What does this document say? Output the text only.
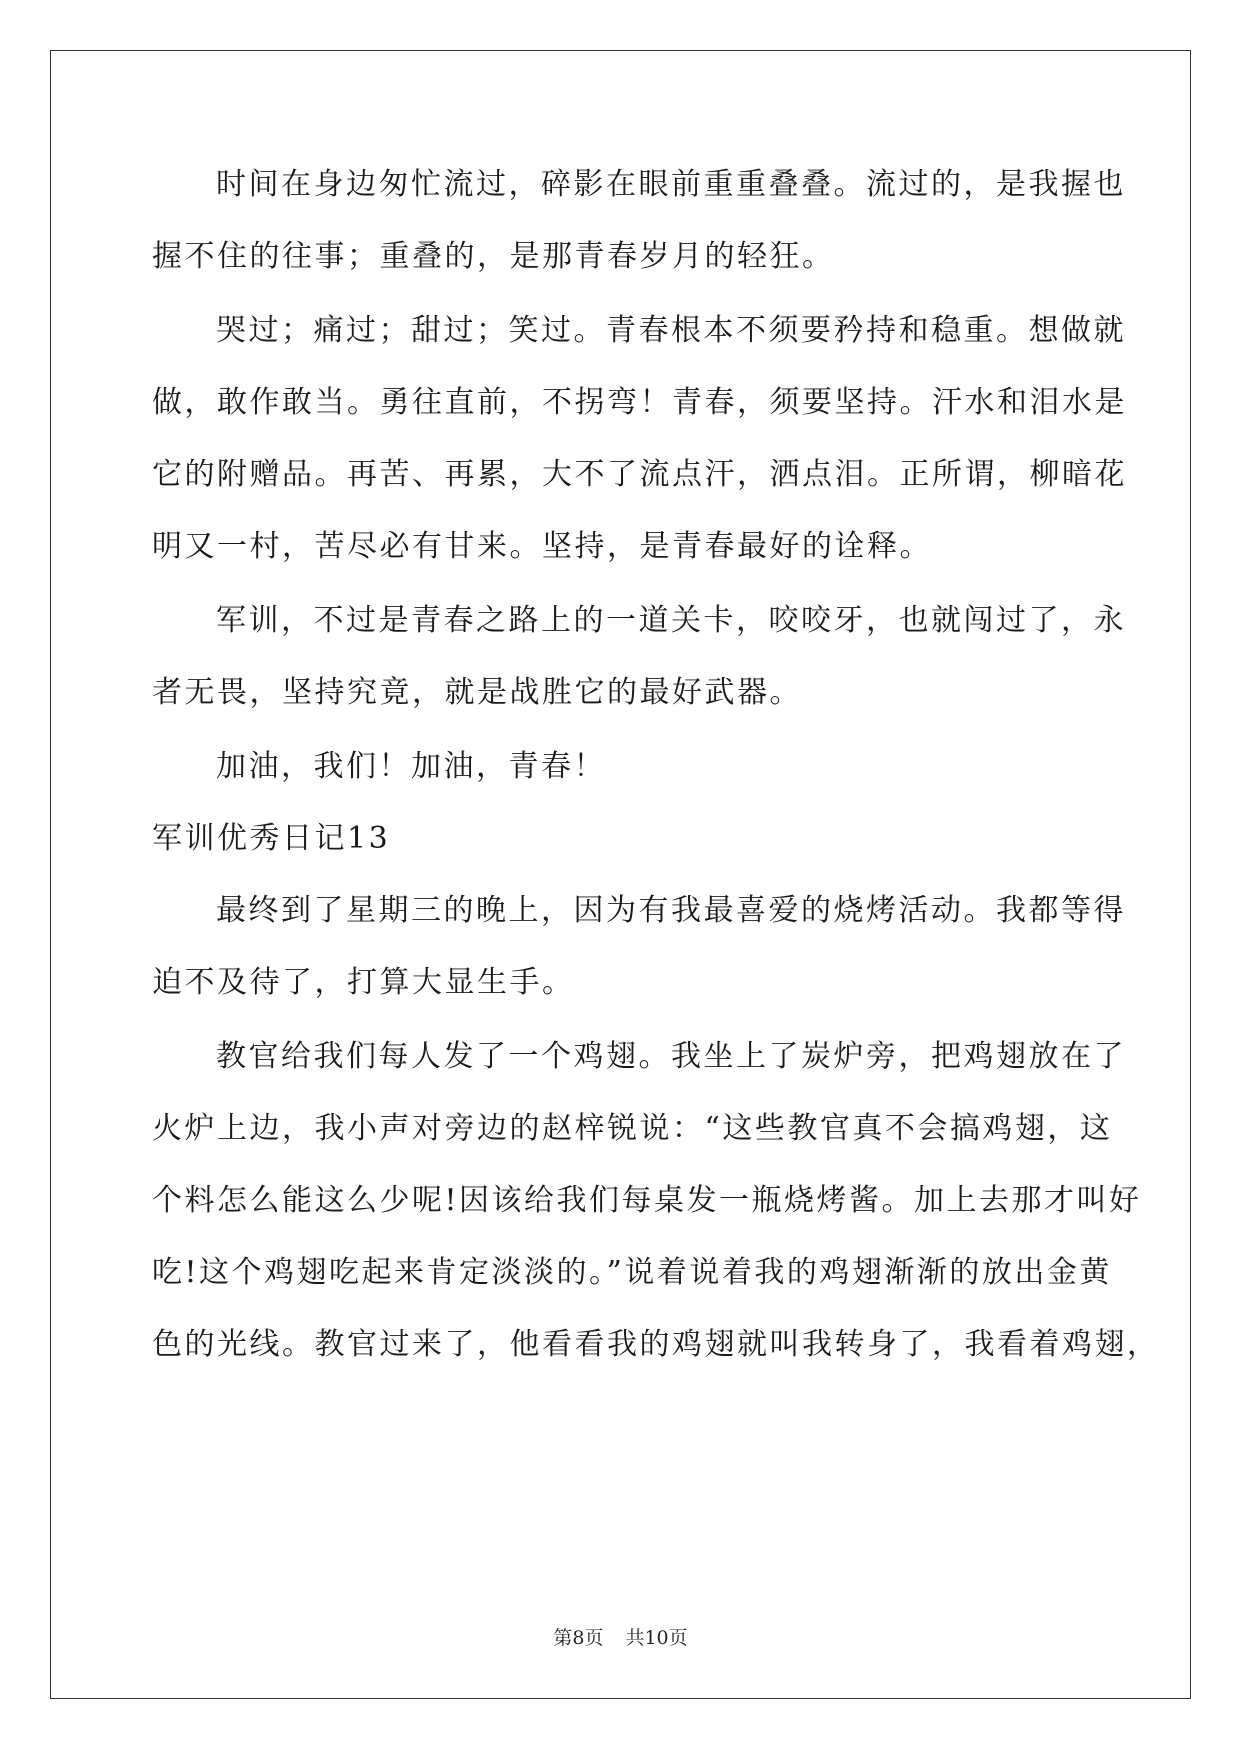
时间在身边匆忙流过，碎影在眼前重重叠叠。流过的，是我握也
握不住的往事；重叠的，是那青春岁月的轻狂。
哭过；痛过；甜过；笑过。青春根本不须要矜持和稳重。想做就
做，敢作敢当。勇往直前，不拐弯！青春，须要坚持。汗水和泪水是
它的附赠品。再苦、再累，大不了流点汗，洒点泪。正所谓，柳暗花
明又一村，苦尽必有甘来。坚持，是青春最好的诠释。
军训，不过是青春之路上的一道关卡，咬咬牙，也就闯过了，永
者无畏，坚持究竟，就是战胜它的最好武器。
加油，我们！加油，青春！
军训优秀日记13
最终到了星期三的晚上，因为有我最喜爱的烧烤活动。我都等得
迫不及待了，打算大显生手。
教官给我们每人发了一个鸡翅。我坐上了炭炉旁，把鸡翅放在了
火炉上边，我小声对旁边的赵梓锐说：“这些教官真不会搞鸡翅，这
个料怎么能这么少呢!因该给我们每桌发一瓶烧烤酱。加上去那才叫好
吃!这个鸡翅吃起来肯定淡淡的。”说着说着我的鸡翅渐渐的放出金黄
色的光线。教官过来了，他看看我的鸡翅就叫我转身了，我看着鸡翅，
第8页 共10页
